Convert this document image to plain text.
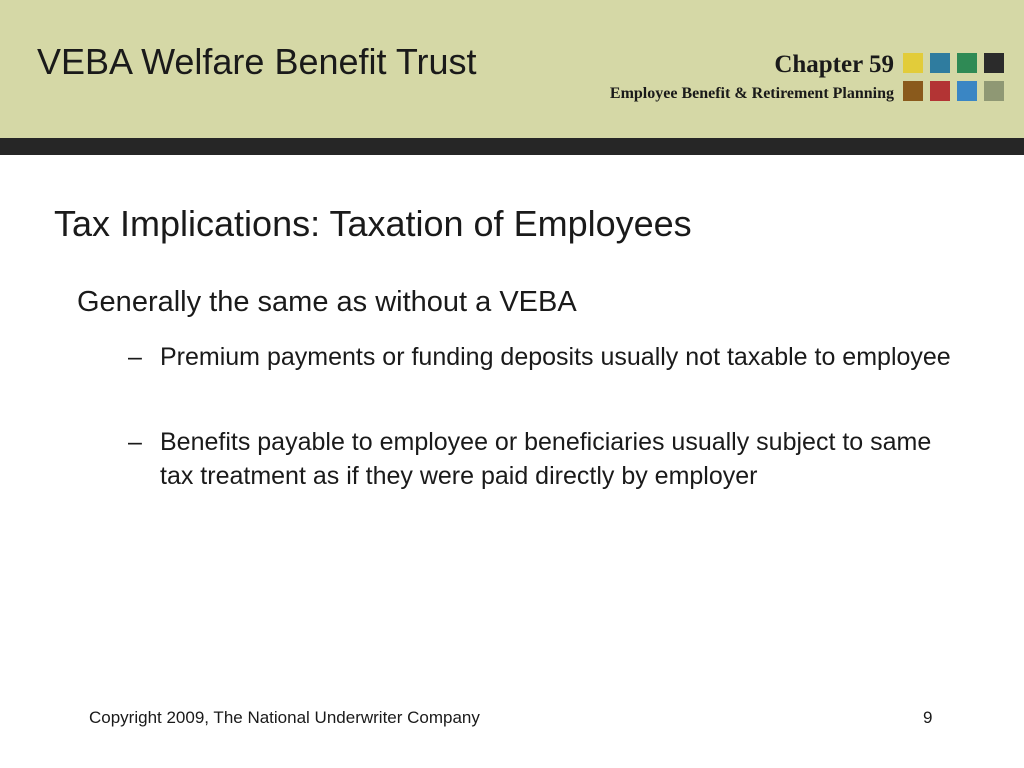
VEBA Welfare Benefit Trust	Chapter 59
Employee Benefit & Retirement Planning
Tax Implications: Taxation of Employees
Generally the same as without a VEBA
– Premium payments or funding deposits usually not taxable to employee
– Benefits payable to employee or beneficiaries usually subject to same tax treatment as if they were paid directly by employer
Copyright 2009, The National Underwriter Company	9
